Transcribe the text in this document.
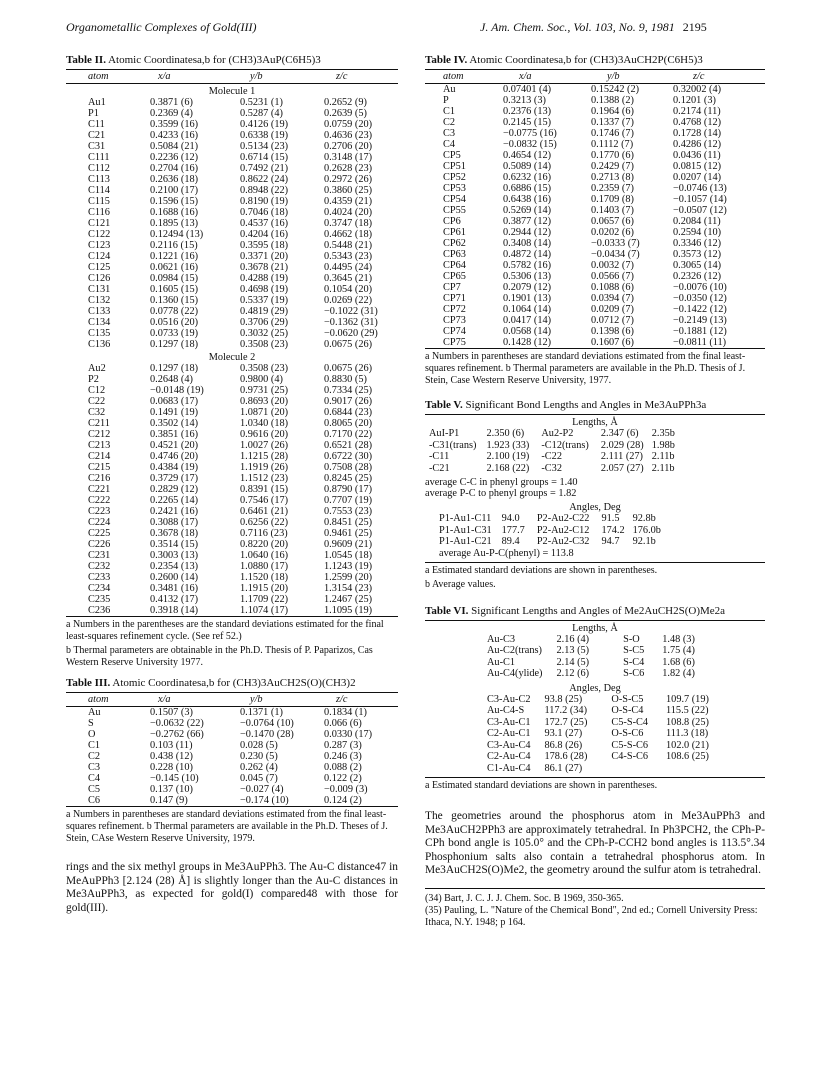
Organometallic Complexes of Gold(III)	J. Am. Chem. Soc., Vol. 103, No. 9, 1981 2195
Table II. Atomic Coordinatesa,b for (CH3)3AuP(C6H5)3
atom	x/a	y/b	z/c
Molecule 1			
Au1	0.3871 (6)	0.5231 (1)	0.2652 (9)
P1	0.2369 (4)	0.5287 (4)	0.2639 (5)
C11	0.3599 (16)	0.4126 (19)	0.0759 (20)
C21	0.4233 (16)	0.6338 (19)	0.4636 (23)
C31	0.5084 (21)	0.5134 (23)	0.2706 (20)
C111	0.2236 (12)	0.6714 (15)	0.3148 (17)
C112	0.2704 (16)	0.7492 (21)	0.2628 (23)
C113	0.2636 (18)	0.8622 (24)	0.2972 (26)
C114	0.2100 (17)	0.8948 (22)	0.3860 (25)
C115	0.1596 (15)	0.8190 (19)	0.4359 (21)
C116	0.1688 (16)	0.7046 (18)	0.4024 (20)
C121	0.1895 (13)	0.4537 (16)	0.3747 (18)
C122	0.12494 (13)	0.4204 (16)	0.4662 (18)
C123	0.2116 (15)	0.3595 (18)	0.5448 (21)
C124	0.1221 (16)	0.3371 (20)	0.5343 (23)
C125	0.0621 (16)	0.3678 (21)	0.4495 (24)
C126	0.0984 (15)	0.4288 (19)	0.3645 (21)
C131	0.1605 (15)	0.4698 (19)	0.1054 (20)
C132	0.1360 (15)	0.5337 (19)	0.0269 (22)
C133	0.0778 (22)	0.4819 (29)	−0.1022 (31)
C134	0.0516 (20)	0.3706 (29)	−0.1362 (31)
C135	0.0733 (19)	0.3032 (25)	−0.0620 (29)
C136	0.1297 (18)	0.3508 (23)	0.0675 (26)
Molecule 2			
Au2	0.1297 (18)	0.3508 (23)	0.0675 (26)
P2	0.2648 (4)	0.9800 (4)	0.8830 (5)
C12	−0.0148 (19)	0.9731 (25)	0.7334 (25)
C22	0.0683 (17)	0.8693 (20)	0.9017 (26)
C32	0.1491 (19)	1.0871 (20)	0.6844 (23)
C211	0.3502 (14)	1.0340 (18)	0.8065 (20)
C212	0.3851 (16)	0.9616 (20)	0.7170 (22)
C213	0.4521 (20)	1.0027 (26)	0.6521 (28)
C214	0.4746 (20)	1.1215 (28)	0.6722 (30)
C215	0.4384 (19)	1.1919 (26)	0.7508 (28)
C216	0.3729 (17)	1.1512 (23)	0.8245 (25)
C221	0.2829 (12)	0.8391 (15)	0.8790 (17)
C222	0.2265 (14)	0.7546 (17)	0.7707 (19)
C223	0.2421 (16)	0.6461 (21)	0.7553 (23)
C224	0.3088 (17)	0.6256 (22)	0.8451 (25)
C225	0.3678 (18)	0.7116 (23)	0.9461 (25)
C226	0.3514 (15)	0.8220 (20)	0.9609 (21)
C231	0.3003 (13)	1.0640 (16)	1.0545 (18)
C232	0.2354 (13)	1.0880 (17)	1.1243 (19)
C233	0.2600 (14)	1.1520 (18)	1.2599 (20)
C234	0.3481 (16)	1.1915 (20)	1.3154 (23)
C235	0.4132 (17)	1.1709 (22)	1.2467 (25)
C236	0.3918 (14)	1.1074 (17)	1.1095 (19)
a Numbers in the parentheses are the standard deviations estimated for the final least-squares refinement cycle. (See ref 52.)
b Thermal parameters are obtainable in the Ph.D. Thesis of P. Paparizos, Cas Western Reserve University 1977.
Table III. Atomic Coordinatesa,b for (CH3)3AuCH2S(O)(CH3)2
atom	x/a	y/b	z/c
Au	0.1507 (3)	0.1371 (1)	0.1834 (1)
S	−0.0632 (22)	−0.0764 (10)	0.066 (6)
O	−0.2762 (66)	−0.1470 (28)	0.0330 (17)
C1	0.103 (11)	0.028 (5)	0.287 (3)
C2	0.438 (12)	0.230 (5)	0.246 (3)
C3	0.228 (10)	0.262 (4)	0.088 (2)
C4	−0.145 (10)	0.045 (7)	0.122 (2)
C5	0.137 (10)	−0.027 (4)	−0.009 (3)
C6	0.147 (9)	−0.174 (10)	0.124 (2)
a Numbers in parentheses are standard deviations estimated from the final least-squares refinement. b Thermal parameters are available in the Ph.D. Theses of J. Stein, CAse Western Reserve University, 1979.
rings and the six methyl groups in Me3AuPPh3. The Au-C distance47 in MeAuPPh3 [2.124 (28) Å] is slightly longer than the Au-C distances in Me3AuPPh3, as expected for gold(I) compared48 with those for gold(III).
Table IV. Atomic Coordinatesa,b for (CH3)3AuCH2P(C6H5)3
atom	x/a	y/b	z/c
Au	0.07401 (4)	0.15242 (2)	0.32002 (4)
P	0.3213 (3)	0.1388 (2)	0.1201 (3)
C1	0.2376 (13)	0.1964 (6)	0.2174 (11)
C2	0.2145 (15)	0.1337 (7)	0.4768 (12)
C3	−0.0775 (16)	0.1746 (7)	0.1728 (14)
C4	−0.0832 (15)	0.1112 (7)	0.4286 (12)
CP5	0.4654 (12)	0.1770 (6)	0.0436 (11)
CP51	0.5089 (14)	0.2429 (7)	0.0815 (12)
CP52	0.6232 (16)	0.2713 (8)	0.0207 (14)
CP53	0.6886 (15)	0.2359 (7)	−0.0746 (13)
CP54	0.6438 (16)	0.1709 (8)	−0.1057 (14)
CP55	0.5269 (14)	0.1403 (7)	−0.0507 (12)
CP6	0.3877 (12)	0.0657 (6)	0.2084 (11)
CP61	0.2944 (12)	0.0202 (6)	0.2594 (10)
CP62	0.3408 (14)	−0.0333 (7)	0.3346 (12)
CP63	0.4872 (14)	−0.0434 (7)	0.3573 (12)
CP64	0.5782 (16)	0.0032 (7)	0.3065 (14)
CP65	0.5306 (13)	0.0566 (7)	0.2326 (12)
CP7	0.2079 (12)	0.1088 (6)	−0.0076 (10)
CP71	0.1901 (13)	0.0394 (7)	−0.0350 (12)
CP72	0.1064 (14)	0.0209 (7)	−0.1422 (12)
CP73	0.0417 (14)	0.0712 (7)	−0.2149 (13)
CP74	0.0568 (14)	0.1398 (6)	−0.1881 (12)
CP75	0.1428 (12)	0.1607 (6)	−0.0811 (11)
a Numbers in parentheses are standard deviations estimated from the final least-squares refinement. b Thermal parameters are available in the Ph.D. Thesis of J. Stein, Case Western Reserve University, 1977.
Table V. Significant Bond Lengths and Angles in Me3AuPPh3a
Lengths, Å
AuI-P1	2.350 (6)	Au2-P2	2.347 (6)	2.35b
-C31(trans)	1.923 (33)	-C12(trans)	2.029 (28)	1.98b
-C11	2.100 (19)	-C22	2.111 (27)	2.11b
-C21	2.168 (22)	-C32	2.057 (27)	2.11b
average C-C in phenyl groups = 1.40
average P-C to phenyl groups = 1.82
Angles, Deg
P1-Au1-C11	94.0	P2-Au2-C22	91.5	92.8b
P1-Au1-C31	177.7	P2-Au2-C12	174.2	176.0b
P1-Au1-C21	89.4	P2-Au2-C32	94.7	92.1b
average Au-P-C(phenyl) = 113.8
a Estimated standard deviations are shown in parentheses.
b Average values.
Table VI. Significant Lengths and Angles of Me2AuCH2S(O)Me2a
Lengths, Å
Au-C3	2.16 (4)	S-O	1.48 (3)
Au-C2(trans)	2.13 (5)	S-C5	1.75 (4)
Au-C1	2.14 (5)	S-C4	1.68 (6)
Au-C4(ylide)	2.12 (6)	S-C6	1.82 (4)
Angles, Deg
C3-Au-C2	93.8 (25)	O-S-C5	109.7 (19)
Au-C4-S	117.2 (34)	O-S-C4	115.5 (22)
C3-Au-C1	172.7 (25)	C5-S-C4	108.8 (25)
C2-Au-C1	93.1 (27)	O-S-C6	111.3 (18)
C3-Au-C4	86.8 (26)	C5-S-C6	102.0 (21)
C2-Au-C4	178.6 (28)	C4-S-C6	108.6 (25)
C1-Au-C4	86.1 (27)		
a Estimated standard deviations are shown in parentheses.
The geometries around the phosphorus atom in Me3AuPPh3 and Me3AuCH2PPh3 are approximately tetrahedral. In Ph3PCH2, the CPh-P-CPh bond angle is 105.0° and the CPh-P-CCH2 bond angles is 113.5°.34 Phosphonium salts also contain a tetrahedral phosphorus atom. In Me3AuCH2S(O)Me2, the geometry around the sulfur atom is tetrahedral.
(34) Bart, J. C. J. J. Chem. Soc. B 1969, 350-365.
(35) Pauling, L. "Nature of the Chemical Bond", 2nd ed.; Cornell University Press: Ithaca, N.Y. 1948; p 164.
